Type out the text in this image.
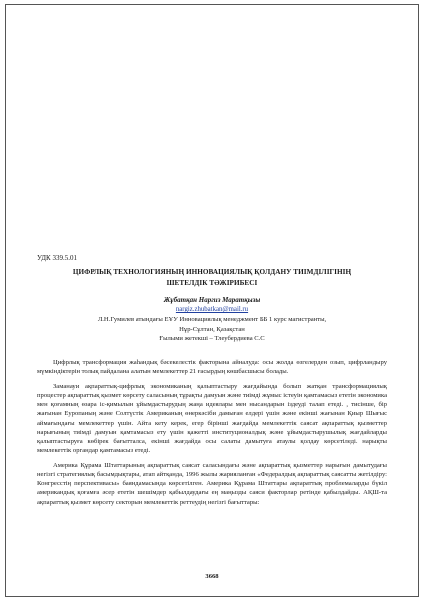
УДК 339.5.01
ЦИФРЛЫҚ ТЕХНОЛОГИЯНЫҢ ИННОВАЦИЯЛЫҚ ҚОЛДАНУ ТИІМДІЛІГІНІҢ
ШЕТЕЛДІК ТӘЖІРИБЕСІ
Жұбатқан Наргиз Маратқызы
nargiz.zhubatkan@mail.ru
Л.Н.Гумилев атындағы ЕҰУ Инновациялық менеджмент ББ 1 курс магистранты,
Нұр-Сұлтан, Қазақстан
Ғылыми жетекші – Тлеубердиева С.С

Цифрлық трансформация жаһандық бәсекелестік факторына айналуда: осы жолда өзгелерден озып, цифрландыру мүмкіндіктерін толық пайдалана алатын мемлекеттер 21 ғасырдың көшбасшысы болады.

Заманауи ақпараттық-цифрлық экономиканың қалыптастыру жағдайында болып жатқан трансформациялық процестер ақпараттық қызмет көрсету саласының тұрақты дамуын және тиімді жұмыс істеуін қамтамасыз ететін экономика мен қоғамның өзара іс-қимылын ұйымдастырудың жаңа идеялары мен нысандарын іздеуді талап етеді. , тисінше, бір жағынан Еуропаның және Солтүстік Американың өнеркәсіби дамыған елдері үшін және екінші жағынан Қиыр Шығыс аймағындағы мемлекеттер үшін. Айта кету керек, егер бірінші жағдайда мемлекеттік саясат ақпараттық қызметтер нарығының тиімді дамуын қамтамасыз ету үшін қажетті институционалдық және ұйымдастырушылық жағдайларды қалыптастыруға көбірек бағытталса, екінші жағдайда осы салаты дамытуға атаулы қолдау көрсетіледі. нарықты мемлекеттік органдар қамтамасыз етеді.

Америка Құрама Штаттарының ақпараттық саясат саласындағы және ақпараттық қызметтер нарығын дамытудағы негізгі стратегиялық басымдықтары, атап айтқанда, 1996 жылы жарияланған «Федералдық ақпараттық саясатты жетілдіру: Конгресстің перспективасы» баяндамасында көрсетілген. Америка Құрама Штаттары ақпараттық проблемаларды бүкіл американдық қоғамға әсер ететін шешімдер қабылдаудағы ең маңызды саяси факторлар ретінде қабылдайды. АҚШ-та ақпараттық қызмет көрсету секторын мемлекеттік реттеудің негізгі бағыттары:

3668
